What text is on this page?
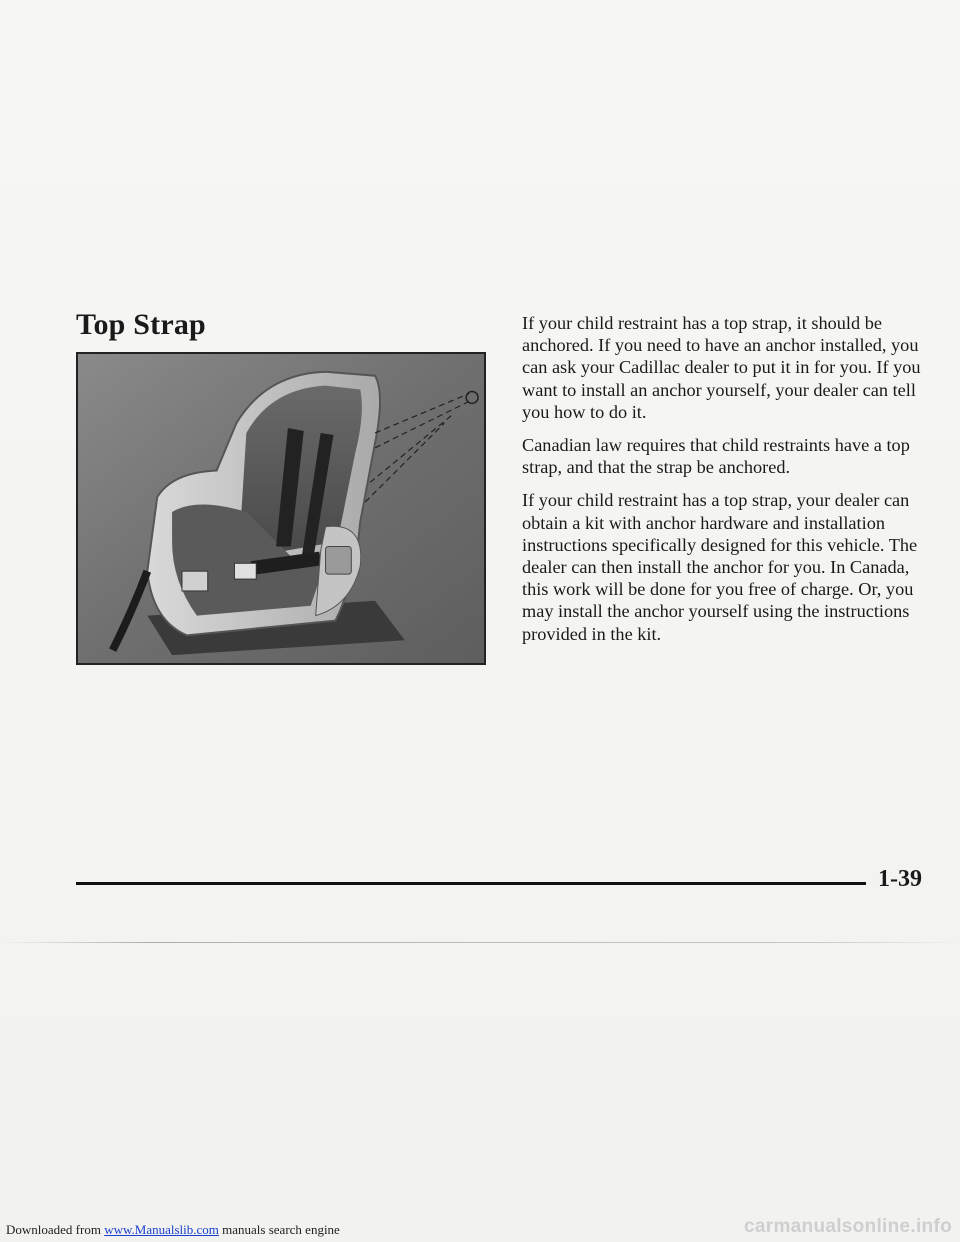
Top Strap	If your child restraint has a top strap, it should be anchored. If you need to have an anchor installed, you can ask your Cadillac dealer to put it in for you. If you want to install an anchor yourself, your dealer can tell you how to do it.

Canadian law requires that child restraints have a top strap, and that the strap be anchored.

If your child restraint has a top strap, your dealer can obtain a kit with anchor hardware and installation instructions specifically designed for this vehicle. The dealer can then install the anchor for you. In Canada, this work will be done for you free of charge. Or, you may install the anchor yourself using the instructions provided in the kit.

1-39
Downloaded from www.Manualslib.com manuals search engine	carmanualsonline.info
